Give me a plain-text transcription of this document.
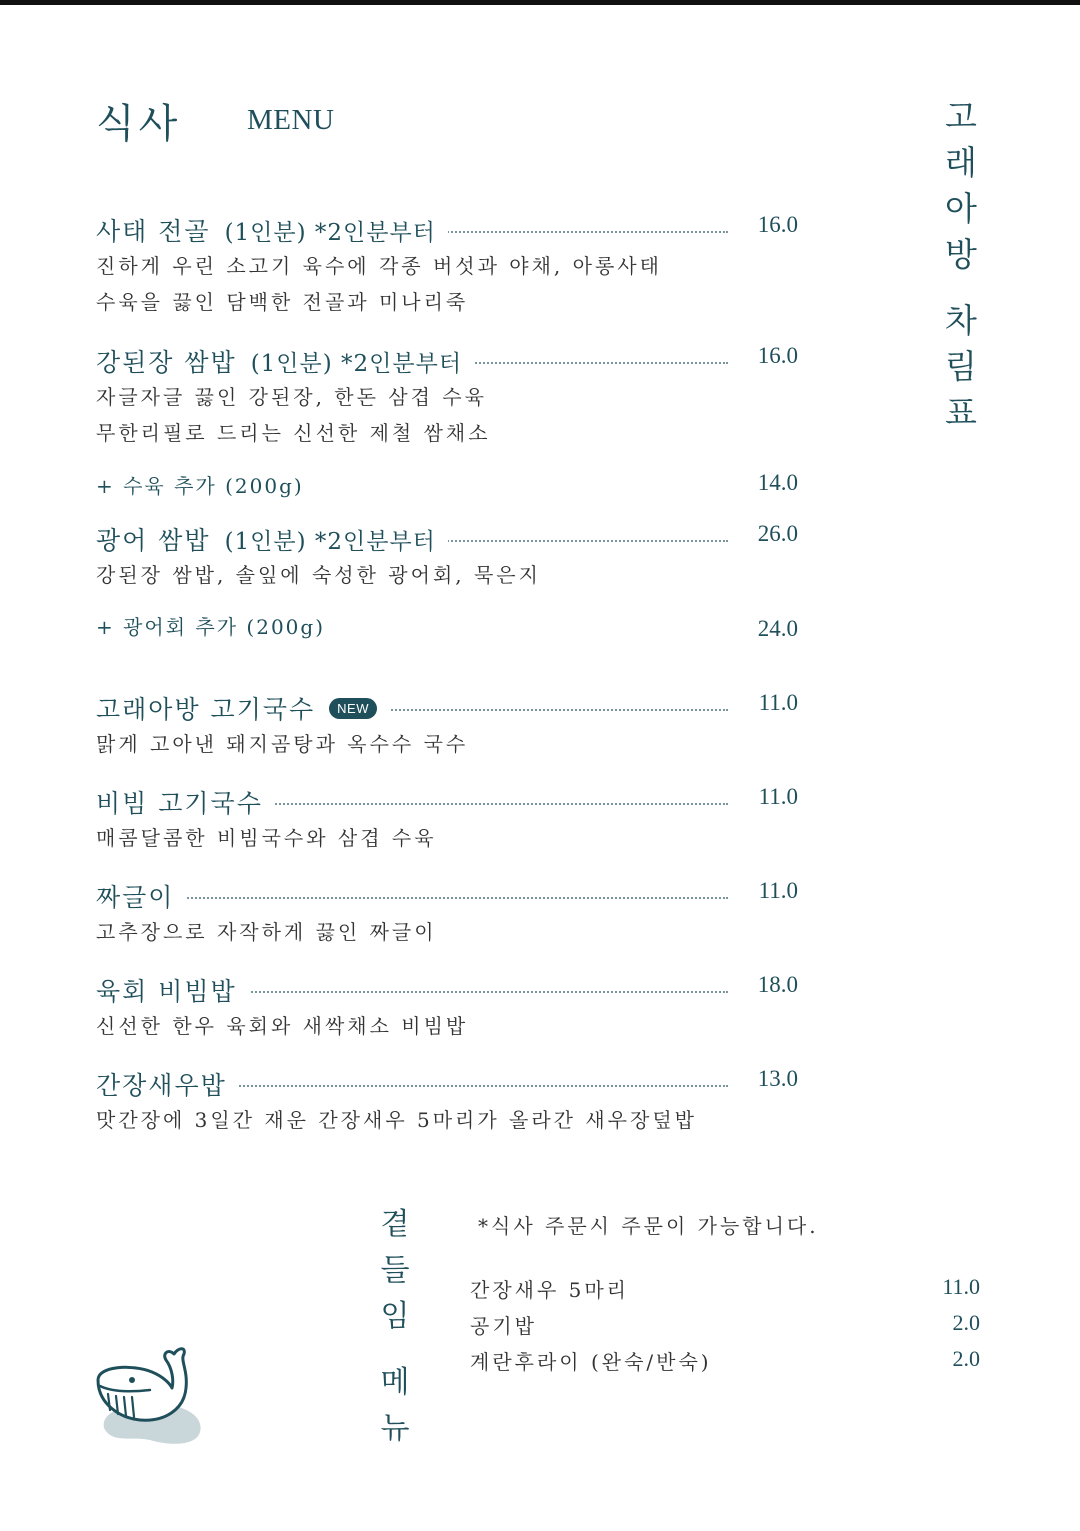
식사 MENU	고
래
아
방
차
림
표
사태 전골 (1인분) *2인분부터	16.0
진하게 우린 소고기 육수에 각종 버섯과 야채, 아롱사태
수육을 끓인 담백한 전골과 미나리죽
강된장 쌈밥 (1인분) *2인분부터	16.0
자글자글 끓인 강된장, 한돈 삼겹 수육
무한리필로 드리는 신선한 제철 쌈채소
+ 수육 추가 (200g)	14.0
광어 쌈밥 (1인분) *2인분부터	26.0
강된장 쌈밥, 솔잎에 숙성한 광어회, 묵은지
+ 광어회 추가 (200g)	24.0
고래아방 고기국수	NEW	11.0
맑게 고아낸 돼지곰탕과 옥수수 국수
비빔 고기국수	11.0
매콤달콤한 비빔국수와 삼겹 수육
짜글이	11.0
고추장으로 자작하게 끓인 짜글이
육회 비빔밥	18.0
신선한 한우 육회와 새싹채소 비빔밥
간장새우밥	13.0
맛간장에 3일간 재운 간장새우 5마리가 올라간 새우장덮밥
곁
들
임
메
뉴
*식사 주문시 주문이 가능합니다.
간장새우 5마리	11.0
공기밥	2.0
계란후라이 (완숙/반숙)	2.0
